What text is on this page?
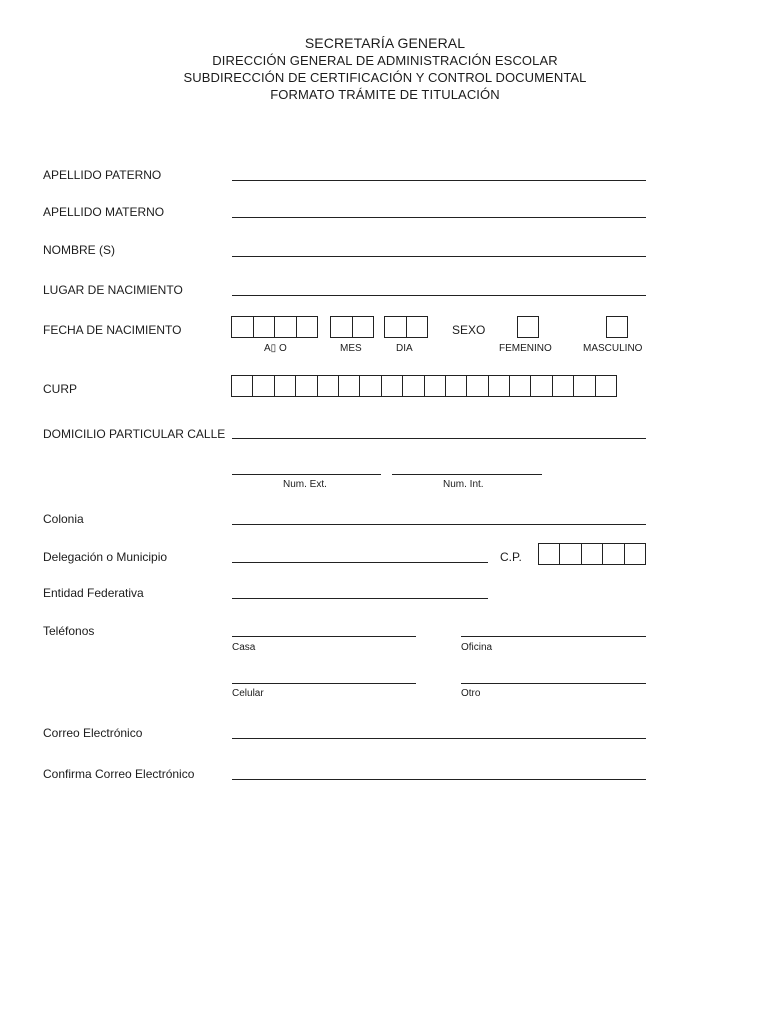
SECRETARÍA GENERAL
DIRECCIÓN GENERAL DE ADMINISTRACIÓN ESCOLAR
SUBDIRECCIÓN DE CERTIFICACIÓN Y CONTROL DOCUMENTAL
FORMATO TRÁMITE DE TITULACIÓN
APELLIDO PATERNO
APELLIDO MATERNO
NOMBRE (S)
LUGAR DE NACIMIENTO
FECHA DE NACIMIENTO
A▯ O	MES	DIA
SEXO
FEMENINO	MASCULINO
CURP
DOMICILIO PARTICULAR CALLE
Num. Ext.	Num. Int.
Colonia
Delegación o Municipio	C.P.
Entidad Federativa
Teléfonos
Casa	Oficina
Celular	Otro
Correo Electrónico
Confirma Correo Electrónico
